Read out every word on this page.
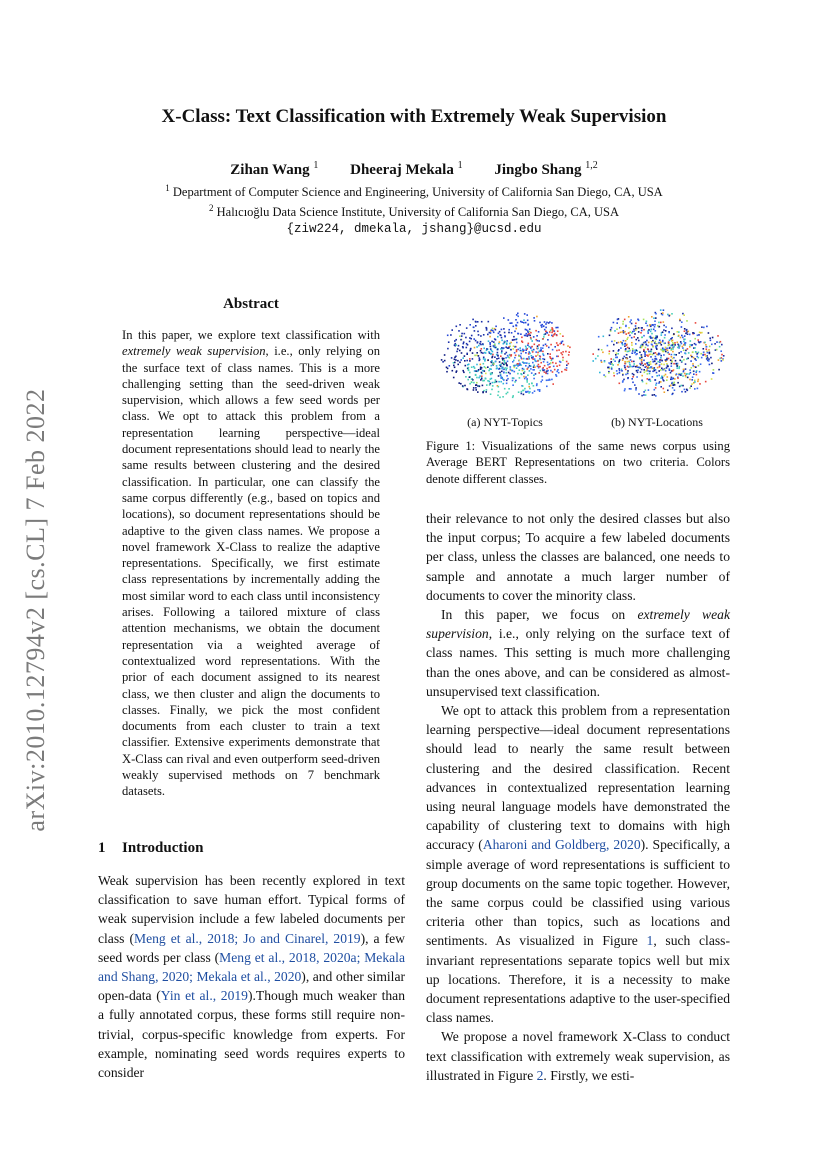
arXiv:2010.12794v2 [cs.CL] 7 Feb 2022
X-Class: Text Classification with Extremely Weak Supervision
Zihan Wang $^1$ Dheeraj Mekala $^1$ Jingbo Shang $^{1,2}$
$^1$ Department of Computer Science and Engineering, University of California San Diego, CA, USA
$^2$ Halıcıoğlu Data Science Institute, University of California San Diego, CA, USA
{ziw224, dmekala, jshang}@ucsd.edu
Abstract
In this paper, we explore text classification with extremely weak supervision, i.e., only relying on the surface text of class names. This is a more challenging setting than the seed-driven weak supervision, which allows a few seed words per class. We opt to attack this problem from a representation learning perspective—ideal document representations should lead to nearly the same results between clustering and the desired classification. In particular, one can classify the same corpus differently (e.g., based on topics and locations), so document representations should be adaptive to the given class names. We propose a novel framework X-Class to realize the adaptive representations. Specifically, we first estimate class representations by incrementally adding the most similar word to each class until inconsistency arises. Following a tailored mixture of class attention mechanisms, we obtain the document representation via a weighted average of contextualized word representations. With the prior of each document assigned to its nearest class, we then cluster and align the documents to classes. Finally, we pick the most confident documents from each cluster to train a text classifier. Extensive experiments demonstrate that X-Class can rival and even outperform seed-driven weakly supervised methods on 7 benchmark datasets.
1 Introduction
Weak supervision has been recently explored in text classification to save human effort. Typical forms of weak supervision include a few labeled documents per class (Meng et al., 2018; Jo and Cinarel, 2019), a few seed words per class (Meng et al., 2018, 2020a; Mekala and Shang, 2020; Mekala et al., 2020), and other similar open-data (Yin et al., 2019).Though much weaker than a fully annotated corpus, these forms still require non-trivial, corpus-specific knowledge from experts. For example, nominating seed words requires experts to consider
(a) NYT-Topics	(b) NYT-Locations
Figure 1: Visualizations of the same news corpus using Average BERT Representations on two criteria. Colors denote different classes.

their relevance to not only the desired classes but also the input corpus; To acquire a few labeled documents per class, unless the classes are balanced, one needs to sample and annotate a much larger number of documents to cover the minority class.

In this paper, we focus on extremely weak supervision, i.e., only relying on the surface text of class names. This setting is much more challenging than the ones above, and can be considered as almost-unsupervised text classification.

We opt to attack this problem from a representation learning perspective—ideal document representations should lead to nearly the same result between clustering and the desired classification. Recent advances in contextualized representation learning using neural language models have demonstrated the capability of clustering text to domains with high accuracy (Aharoni and Goldberg, 2020). Specifically, a simple average of word representations is sufficient to group documents on the same topic together. However, the same corpus could be classified using various criteria other than topics, such as locations and sentiments. As visualized in Figure 1, such class-invariant representations separate topics well but mix up locations. Therefore, it is a necessity to make document representations adaptive to the user-specified class names.

We propose a novel framework X-Class to conduct text classification with extremely weak supervision, as illustrated in Figure 2. Firstly, we esti-
